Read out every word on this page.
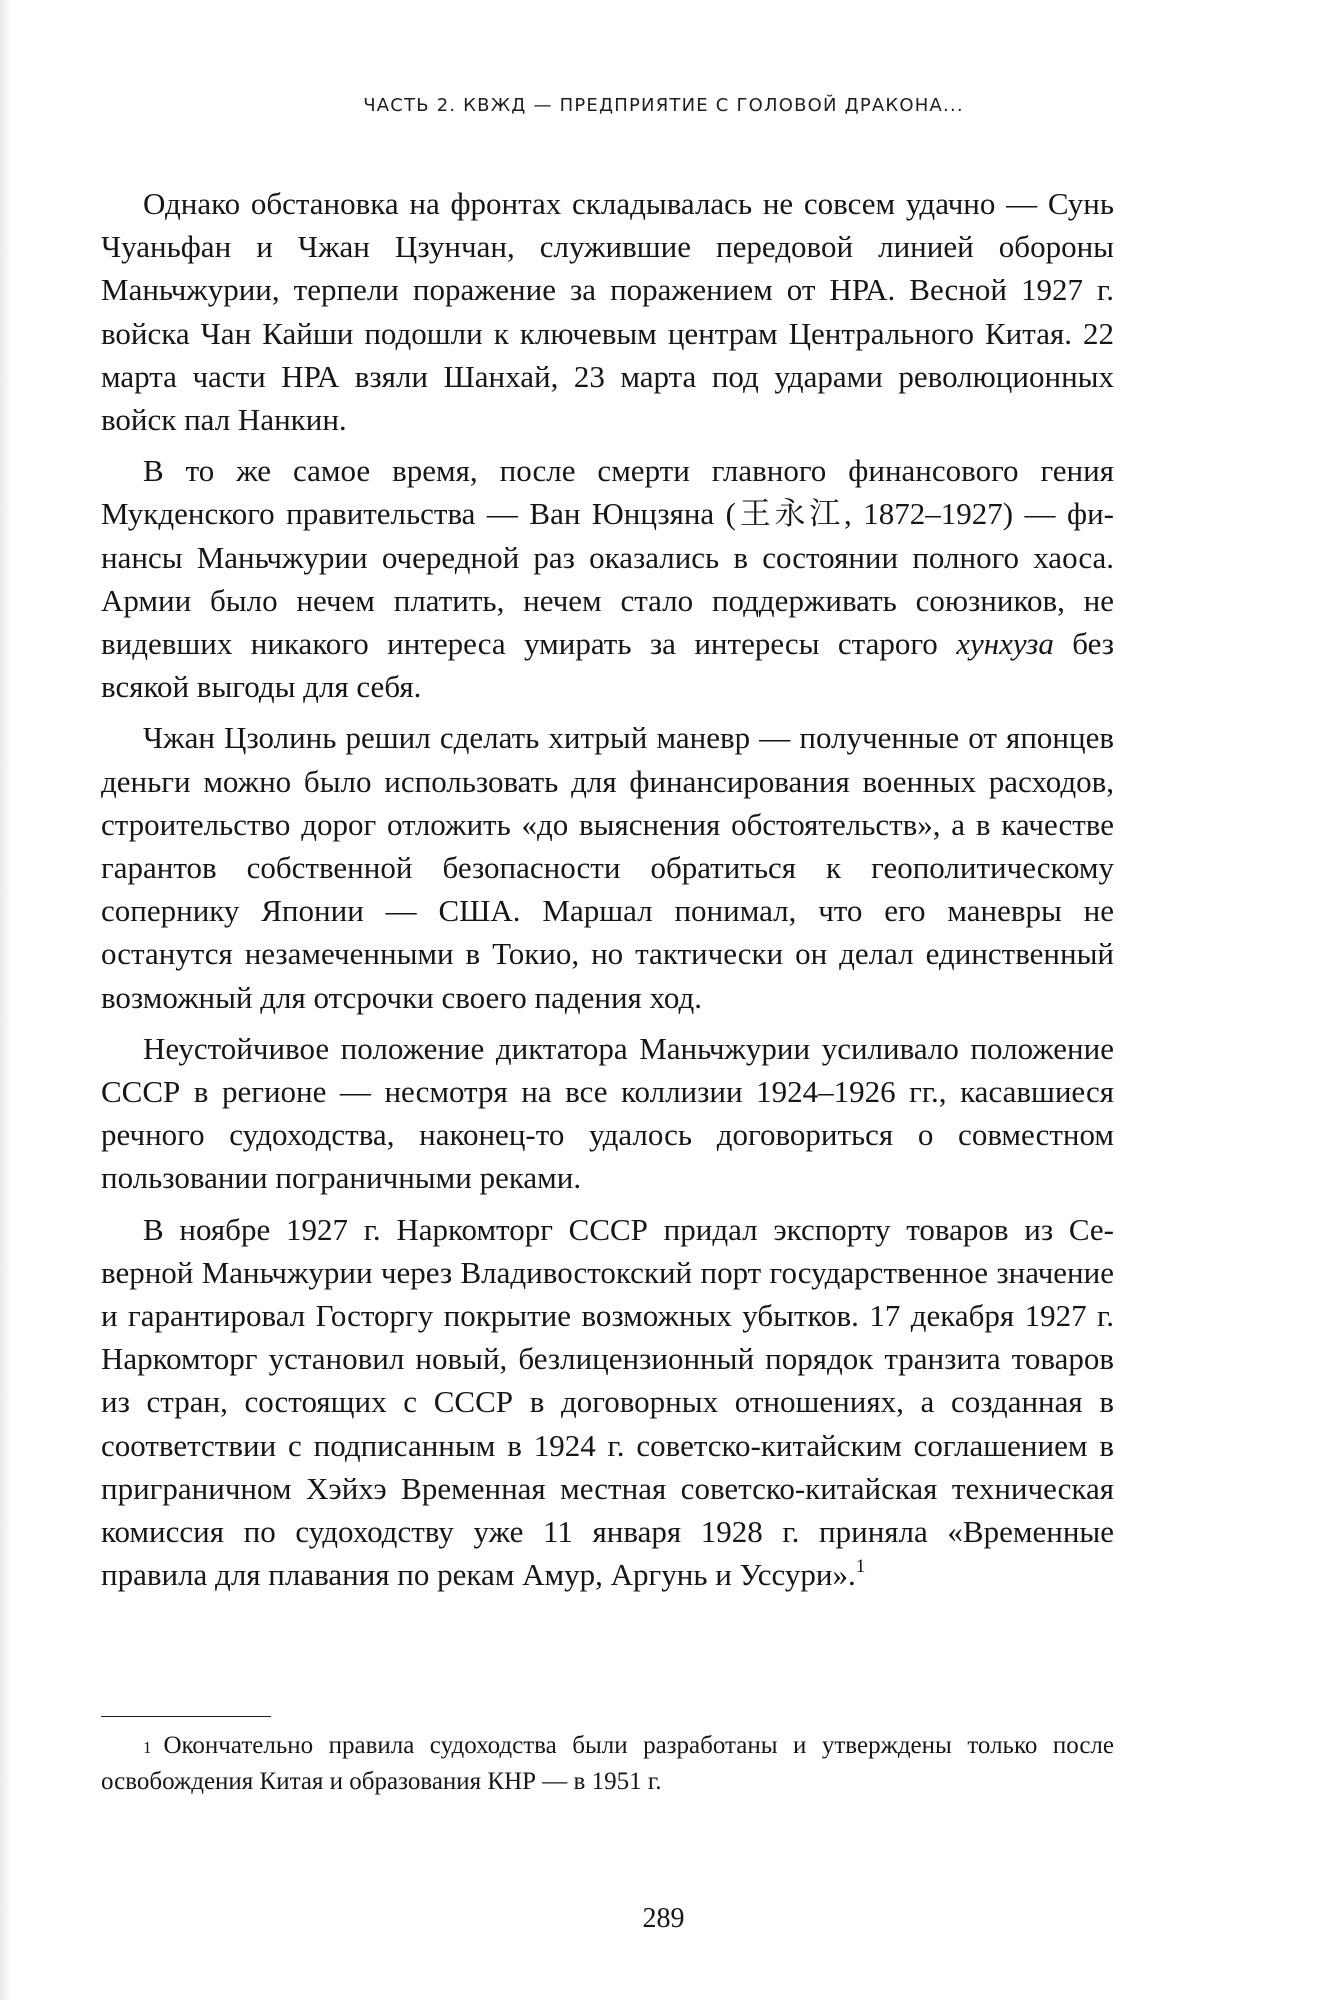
ЧАСТЬ 2. КВЖД — ПРЕДПРИЯТИЕ С ГОЛОВОЙ ДРАКОНА...

Однако обстановка на фронтах складывалась не совсем удачно — Сунь Чуаньфан и Чжан Цзунчан, служившие передовой линией обороны Маньчжурии, терпели поражение за поражением от НРА. Весной 1927 г. войска Чан Кайши подошли к ключевым центрам Центрального Китая. 22 марта части НРА взяли Шанхай, 23 марта под ударами революционных войск пал Нанкин.

В то же самое время, после смерти главного финансового гения Мукденского правительства — Ван Юнцзяна (王永江, 1872–1927) — финансы Маньчжурии очередной раз оказались в состоянии полного хаоса. Армии было нечем платить, нечем стало поддерживать союзников, не видевших никакого интереса умирать за интересы старого хунхуза без всякой выгоды для себя.

Чжан Цзолинь решил сделать хитрый маневр — полученные от японцев деньги можно было использовать для финансирования военных расходов, строительство дорог отложить «до выяснения обстоятельств», а в качестве гарантов собственной безопасности обратиться к геополитическому сопернику Японии — США. Маршал понимал, что его маневры не останутся незамеченными в Токио, но тактически он делал единственный возможный для отсрочки своего падения ход.

Неустойчивое положение диктатора Маньчжурии усиливало положение СССР в регионе — несмотря на все коллизии 1924–1926 гг., касавшиеся речного судоходства, наконец-то удалось договориться о совместном пользовании пограничными реками.

В ноябре 1927 г. Наркомторг СССР придал экспорту товаров из Северной Маньчжурии через Владивостокский порт государственное значение и гарантировал Госторгу покрытие возможных убытков. 17 декабря 1927 г. Наркомторг установил новый, безлицензионный порядок транзита товаров из стран, состоящих с СССР в договорных отношениях, а созданная в соответствии с подписанным в 1924 г. советско-китайским соглашением в приграничном Хэйхэ Временная местная советско-китайская техническая комиссия по судоходству уже 11 января 1928 г. приняла «Временные правила для плавания по рекам Амур, Аргунь и Уссури».$^1$

$^1$ Окончательно правила судоходства были разработаны и утверждены только после освобождения Китая и образования КНР — в 1951 г.
289
